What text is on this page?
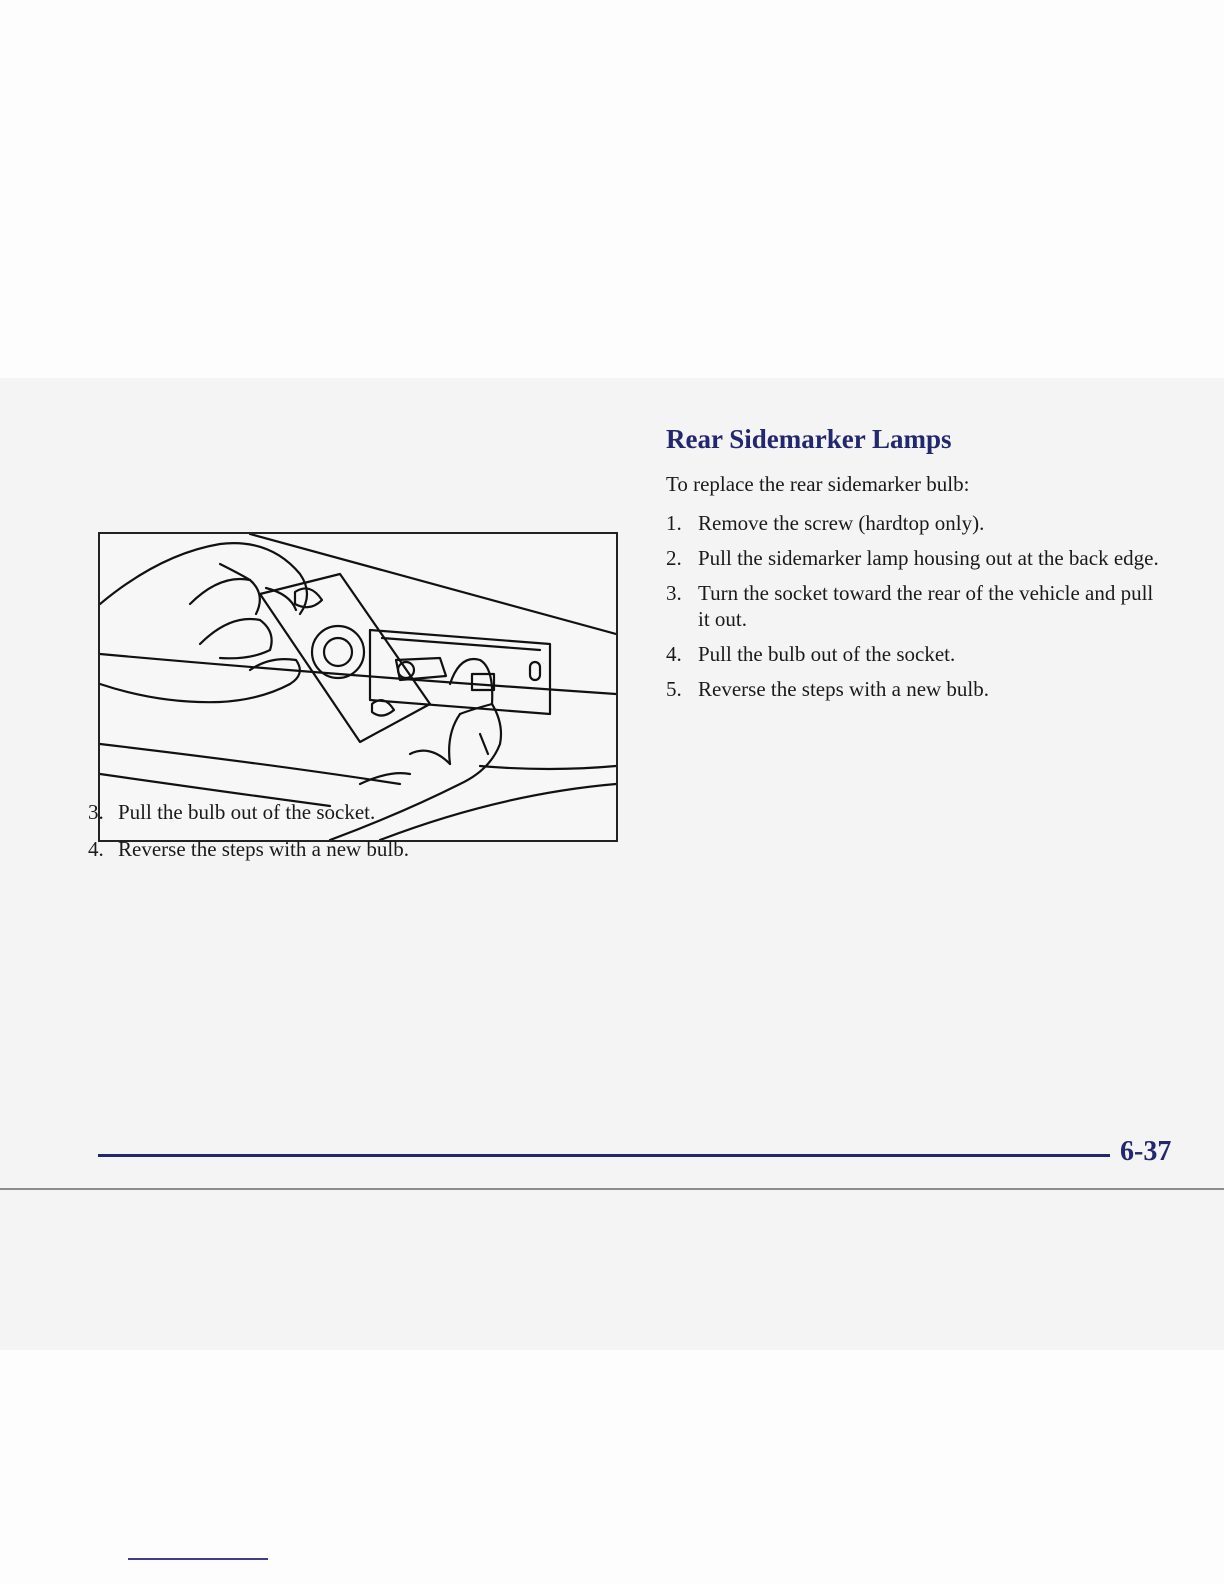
3. Pull the bulb out of the socket.
4. Reverse the steps with a new bulb.
Rear Sidemarker Lamps

To replace the rear sidemarker bulb:

1. Remove the screw (hardtop only).
2. Pull the sidemarker lamp housing out at the back edge.
3. Turn the socket toward the rear of the vehicle and pull it out.
4. Pull the bulb out of the socket.
5. Reverse the steps with a new bulb.
6-37
